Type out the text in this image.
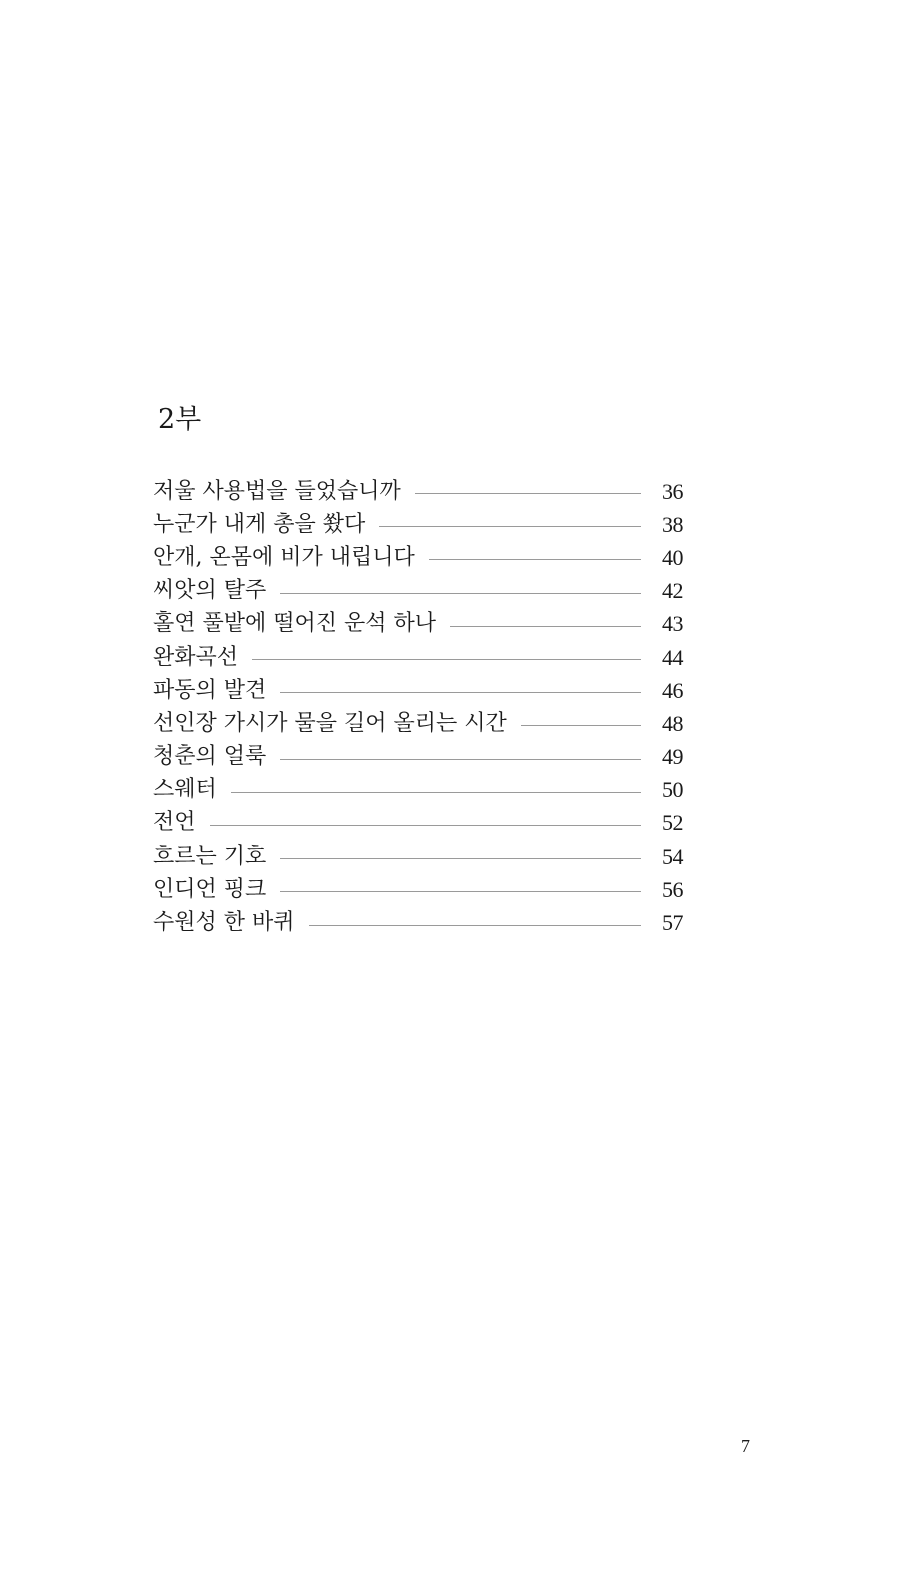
2부
저울 사용법을 들었습니까	36
누군가 내게 총을 쐈다	38
안개, 온몸에 비가 내립니다	40
씨앗의 탈주	42
홀연 풀밭에 떨어진 운석 하나	43
완화곡선	44
파동의 발견	46
선인장 가시가 물을 길어 올리는 시간	48
청춘의 얼룩	49
스웨터	50
전언	52
흐르는 기호	54
인디언 핑크	56
수원성 한 바퀴	57

7
